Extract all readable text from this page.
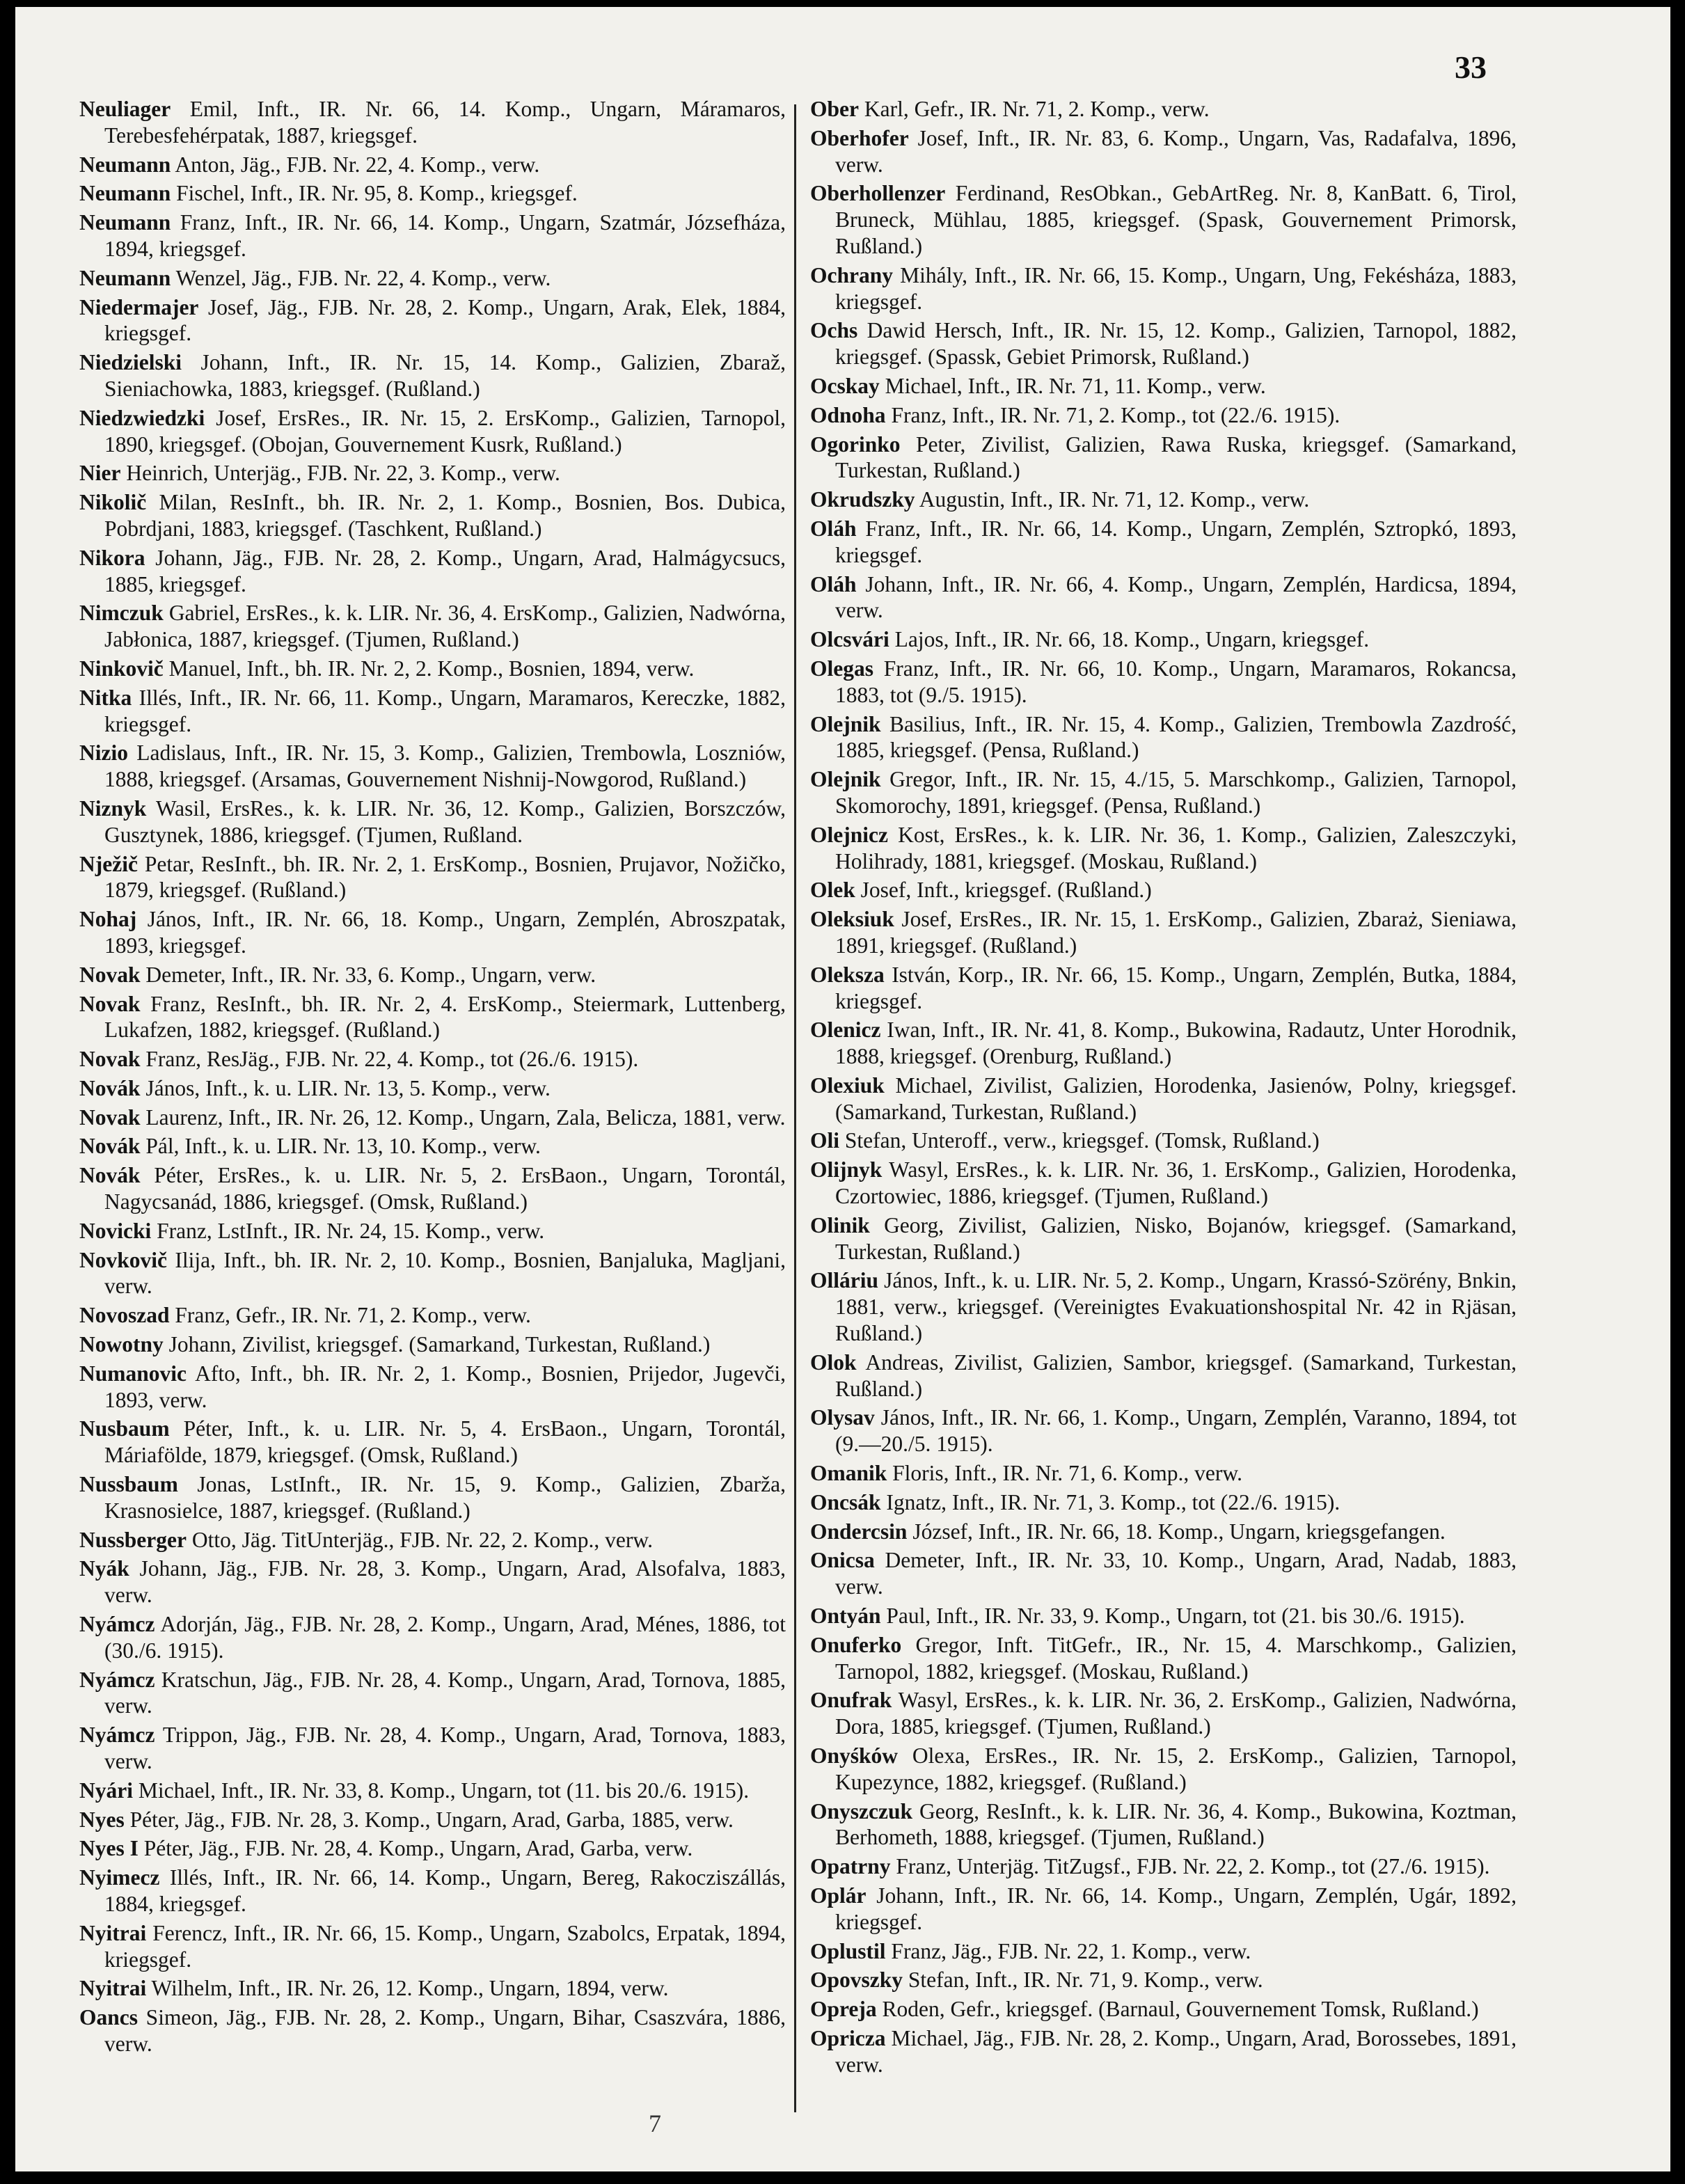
33
Neuliager Emil, Inft., IR. Nr. 66, 14. Komp., Ungarn, Máramaros, Terebesfehérpatak, 1887, kriegsgef.
Neumann Anton, Jäg., FJB. Nr. 22, 4. Komp., verw.
Neumann Fischel, Inft., IR. Nr. 95, 8. Komp., kriegsgef.
Neumann Franz, Inft., IR. Nr. 66, 14. Komp., Ungarn, Szatmár, Józsefháza, 1894, kriegsgef.
Neumann Wenzel, Jäg., FJB. Nr. 22, 4. Komp., verw.
Niedermajer Josef, Jäg., FJB. Nr. 28, 2. Komp., Ungarn, Arak, Elek, 1884, kriegsgef.
Niedzielski Johann, Inft., IR. Nr. 15, 14. Komp., Galizien, Zbaraž, Sieniachowka, 1883, kriegsgef. (Rußland.)
Niedzwiedzki Josef, ErsRes., IR. Nr. 15, 2. ErsKomp., Galizien, Tarnopol, 1890, kriegsgef. (Obojan, Gouvernement Kusrk, Rußland.)
Nier Heinrich, Unterjäg., FJB. Nr. 22, 3. Komp., verw.
Nikolič Milan, ResInft., bh. IR. Nr. 2, 1. Komp., Bosnien, Bos. Dubica, Pobrdjani, 1883, kriegsgef. (Taschkent, Rußland.)
Nikora Johann, Jäg., FJB. Nr. 28, 2. Komp., Ungarn, Arad, Halmágycsucs, 1885, kriegsgef.
Nimczuk Gabriel, ErsRes., k. k. LIR. Nr. 36, 4. ErsKomp., Galizien, Nadwórna, Jabłonica, 1887, kriegsgef. (Tjumen, Rußland.)
Ninkovič Manuel, Inft., bh. IR. Nr. 2, 2. Komp., Bosnien, 1894, verw.
Nitka Illés, Inft., IR. Nr. 66, 11. Komp., Ungarn, Maramaros, Kereczke, 1882, kriegsgef.
Nizio Ladislaus, Inft., IR. Nr. 15, 3. Komp., Galizien, Trembowla, Loszniów, 1888, kriegsgef. (Arsamas, Gouvernement Nishnij-Nowgorod, Rußland.)
Niznyk Wasil, ErsRes., k. k. LIR. Nr. 36, 12. Komp., Galizien, Borszczów, Gusztynek, 1886, kriegsgef. (Tjumen, Rußland.
Nježič Petar, ResInft., bh. IR. Nr. 2, 1. ErsKomp., Bosnien, Prujavor, Nožičko, 1879, kriegsgef. (Rußland.)
Nohaj János, Inft., IR. Nr. 66, 18. Komp., Ungarn, Zemplén, Abroszpatak, 1893, kriegsgef.
Novak Demeter, Inft., IR. Nr. 33, 6. Komp., Ungarn, verw.
Novak Franz, ResInft., bh. IR. Nr. 2, 4. ErsKomp., Steiermark, Luttenberg, Lukafzen, 1882, kriegsgef. (Rußland.)
Novak Franz, ResJäg., FJB. Nr. 22, 4. Komp., tot (26./6. 1915).
Novák János, Inft., k. u. LIR. Nr. 13, 5. Komp., verw.
Novak Laurenz, Inft., IR. Nr. 26, 12. Komp., Ungarn, Zala, Beliсza, 1881, verw.
Novák Pál, Inft., k. u. LIR. Nr. 13, 10. Komp., verw.
Novák Péter, ErsRes., k. u. LIR. Nr. 5, 2. ErsBaon., Ungarn, Torontál, Nagycsanád, 1886, kriegsgef. (Omsk, Rußland.)
Novicki Franz, LstInft., IR. Nr. 24, 15. Komp., verw.
Novkovič Ilija, Inft., bh. IR. Nr. 2, 10. Komp., Bosnien, Banjaluka, Magljani, verw.
Novoszad Franz, Gefr., IR. Nr. 71, 2. Komp., verw.
Nowotny Johann, Zivilist, kriegsgef. (Samarkand, Turkestan, Rußland.)
Numanovic Afto, Inft., bh. IR. Nr. 2, 1. Komp., Bosnien, Prijedor, Jugevči, 1893, verw.
Nusbaum Péter, Inft., k. u. LIR. Nr. 5, 4. ErsBaon., Ungarn, Torontál, Máriafölde, 1879, kriegsgef. (Omsk, Rußland.)
Nussbaum Jonas, LstInft., IR. Nr. 15, 9. Komp., Galizien, Zbarža, Krasnosielce, 1887, kriegsgef. (Rußland.)
Nussberger Otto, Jäg. TitUnterjäg., FJB. Nr. 22, 2. Komp., verw.
Nyák Johann, Jäg., FJB. Nr. 28, 3. Komp., Ungarn, Arad, Alsofalva, 1883, verw.
Nyámcz Adorján, Jäg., FJB. Nr. 28, 2. Komp., Ungarn, Arad, Ménes, 1886, tot (30./6. 1915).
Nyámcz Kratschun, Jäg., FJB. Nr. 28, 4. Komp., Ungarn, Arad, Tornova, 1885, verw.
Nyámcz Trippon, Jäg., FJB. Nr. 28, 4. Komp., Ungarn, Arad, Tornova, 1883, verw.
Nyári Michael, Inft., IR. Nr. 33, 8. Komp., Ungarn, tot (11. bis 20./6. 1915).
Nyes Péter, Jäg., FJB. Nr. 28, 3. Komp., Ungarn, Arad, Garba, 1885, verw.
Nyes I Péter, Jäg., FJB. Nr. 28, 4. Komp., Ungarn, Arad, Garba, verw.
Nyimecz Illés, Inft., IR. Nr. 66, 14. Komp., Ungarn, Bereg, Rakocziszállás, 1884, kriegsgef.
Nyitrai Ferencz, Inft., IR. Nr. 66, 15. Komp., Ungarn, Szabolcs, Erpatak, 1894, kriegsgef.
Nyitrai Wilhelm, Inft., IR. Nr. 26, 12. Komp., Ungarn, 1894, verw.
Oancs Simeon, Jäg., FJB. Nr. 28, 2. Komp., Ungarn, Bihar, Csaszvára, 1886, verw.
Ober Karl, Gefr., IR. Nr. 71, 2. Komp., verw.
Oberhofer Josef, Inft., IR. Nr. 83, 6. Komp., Ungarn, Vas, Radafalva, 1896, verw.
Oberhollenzer Ferdinand, ResObkan., GebArtReg. Nr. 8, KanBatt. 6, Tirol, Bruneck, Mühlau, 1885, kriegsgef. (Spask, Gouvernement Primorsk, Rußland.)
Ochrany Mihály, Inft., IR. Nr. 66, 15. Komp., Ungarn, Ung, Fekésháza, 1883, kriegsgef.
Ochs Dawid Hersch, Inft., IR. Nr. 15, 12. Komp., Galizien, Tarnopol, 1882, kriegsgef. (Spassk, Gebiet Primorsk, Rußland.)
Ocskay Michael, Inft., IR. Nr. 71, 11. Komp., verw.
Odnoha Franz, Inft., IR. Nr. 71, 2. Komp., tot (22./6. 1915).
Ogorinko Peter, Zivilist, Galizien, Rawa Ruska, kriegsgef. (Samarkand, Turkestan, Rußland.)
Okrudszky Augustin, Inft., IR. Nr. 71, 12. Komp., verw.
Oláh Franz, Inft., IR. Nr. 66, 14. Komp., Ungarn, Zemplén, Sztropkó, 1893, kriegsgef.
Oláh Johann, Inft., IR. Nr. 66, 4. Komp., Ungarn, Zemplén, Hardicsa, 1894, verw.
Olcsvári Lajos, Inft., IR. Nr. 66, 18. Komp., Ungarn, kriegsgef.
Olegas Franz, Inft., IR. Nr. 66, 10. Komp., Ungarn, Maramaros, Rokancsa, 1883, tot (9./5. 1915).
Olejnik Basilius, Inft., IR. Nr. 15, 4. Komp., Galizien, Trembowla Zazdrość, 1885, kriegsgef. (Pensa, Rußland.)
Olejnik Gregor, Inft., IR. Nr. 15, 4./15, 5. Marschkomp., Galizien, Tarnopol, Skomorochy, 1891, kriegsgef. (Pensa, Rußland.)
Olejnicz Kost, ErsRes., k. k. LIR. Nr. 36, 1. Komp., Galizien, Zaleszczyki, Holihrady, 1881, kriegsgef. (Moskau, Rußland.)
Olek Josef, Inft., kriegsgef. (Rußland.)
Oleksiuk Josef, ErsRes., IR. Nr. 15, 1. ErsKomp., Galizien, Zbaraż, Sieniawa, 1891, kriegsgef. (Rußland.)
Oleksza István, Korp., IR. Nr. 66, 15. Komp., Ungarn, Zemplén, Butka, 1884, kriegsgef.
Olenicz Iwan, Inft., IR. Nr. 41, 8. Komp., Bukowina, Radautz, Unter Horodnik, 1888, kriegsgef. (Orenburg, Rußland.)
Olexiuk Michael, Zivilist, Galizien, Horodenka, Jasienów, Polny, kriegsgef. (Samarkand, Turkestan, Rußland.)
Oli Stefan, Unteroff., verw., kriegsgef. (Tomsk, Rußland.)
Olijnyk Wasyl, ErsRes., k. k. LIR. Nr. 36, 1. ErsKomp., Galizien, Horodenka, Czortowiec, 1886, kriegsgef. (Tjumen, Rußland.)
Olinik Georg, Zivilist, Galizien, Nisko, Bojanów, kriegsgef. (Samarkand, Turkestan, Rußland.)
Olláriu János, Inft., k. u. LIR. Nr. 5, 2. Komp., Ungarn, Krassó-Szörény, Bnkin, 1881, verw., kriegsgef. (Vereinigtes Evakuationshospital Nr. 42 in Rjäsan, Rußland.)
Olok Andreas, Zivilist, Galizien, Sambor, kriegsgef. (Samarkand, Turkestan, Rußland.)
Olysav János, Inft., IR. Nr. 66, 1. Komp., Ungarn, Zemplén, Varanno, 1894, tot (9.—20./5. 1915).
Omanik Floris, Inft., IR. Nr. 71, 6. Komp., verw.
Oncsák Ignatz, Inft., IR. Nr. 71, 3. Komp., tot (22./6. 1915).
Ondercsin József, Inft., IR. Nr. 66, 18. Komp., Ungarn, kriegsgefangen.
Onicsa Demeter, Inft., IR. Nr. 33, 10. Komp., Ungarn, Arad, Nadab, 1883, verw.
Ontyán Paul, Inft., IR. Nr. 33, 9. Komp., Ungarn, tot (21. bis 30./6. 1915).
Onuferko Gregor, Inft. TitGefr., IR., Nr. 15, 4. Marschkomp., Galizien, Tarnopol, 1882, kriegsgef. (Moskau, Rußland.)
Onufrak Wasyl, ErsRes., k. k. LIR. Nr. 36, 2. ErsKomp., Galizien, Nadwórna, Dora, 1885, kriegsgef. (Tjumen, Rußland.)
Onyśków Olexa, ErsRes., IR. Nr. 15, 2. ErsKomp., Galizien, Tarnopol, Kupezynce, 1882, kriegsgef. (Rußland.)
Onyszczuk Georg, ResInft., k. k. LIR. Nr. 36, 4. Komp., Bukowina, Koztman, Berhometh, 1888, kriegsgef. (Tjumen, Rußland.)
Opatrny Franz, Unterjäg. TitZugsf., FJB. Nr. 22, 2. Komp., tot (27./6. 1915).
Oplár Johann, Inft., IR. Nr. 66, 14. Komp., Ungarn, Zemplén, Ugár, 1892, kriegsgef.
Oplustil Franz, Jäg., FJB. Nr. 22, 1. Komp., verw.
Opovszky Stefan, Inft., IR. Nr. 71, 9. Komp., verw.
Opreja Roden, Gefr., kriegsgef. (Barnaul, Gouvernement Tomsk, Rußland.)
Opricza Michael, Jäg., FJB. Nr. 28, 2. Komp., Ungarn, Arad, Borossebes, 1891, verw.
7
